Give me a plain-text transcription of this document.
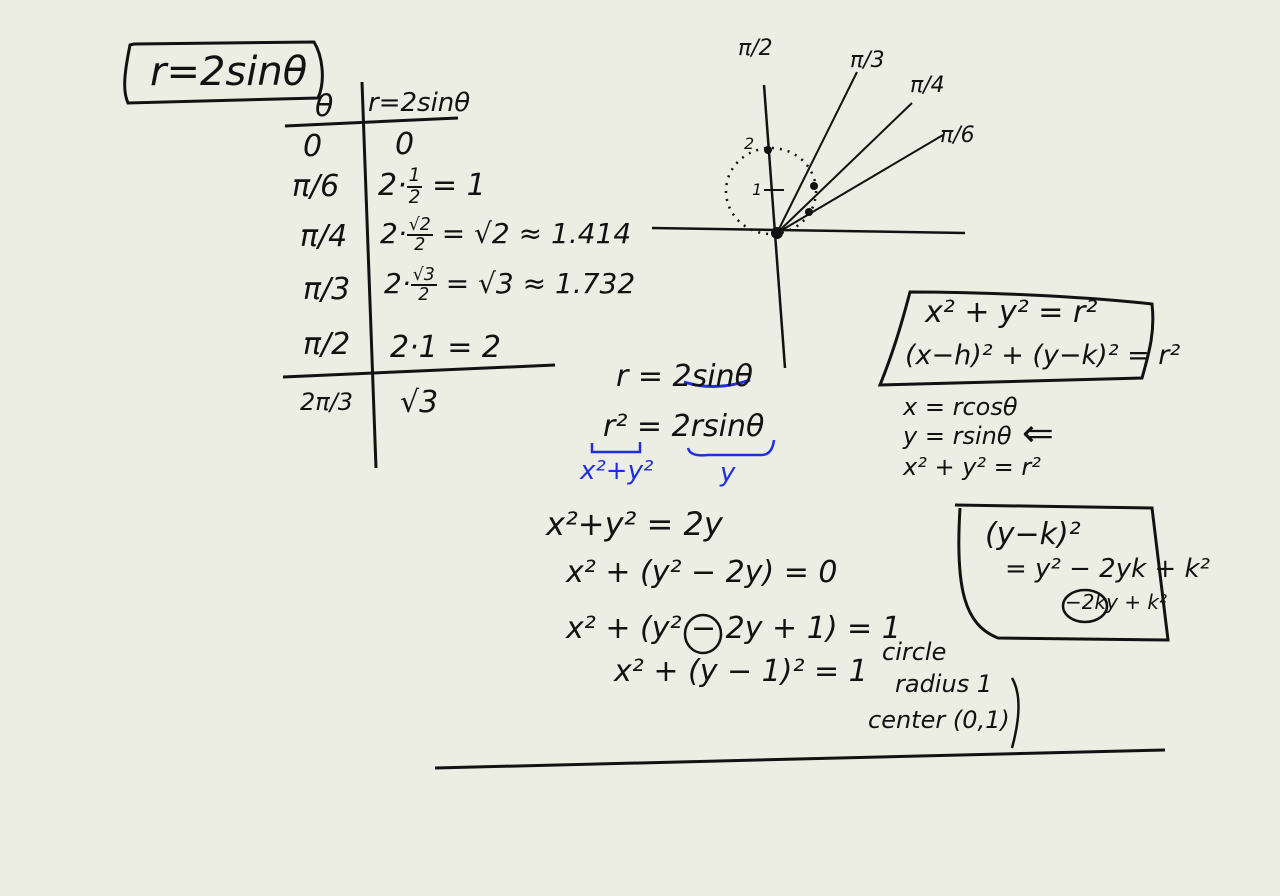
r=2sinθ
θ r=2sinθ
0 0
π/6 $2\cdot \frac{1}{2} = 1$
π/4 $2\cdot \frac{√2}{2} = √2 \approx 1.414$
π/3 $2\cdot \frac{√3}{2} = √3 \approx 1.732$
π/2 2·1 = 2
2π/3 √3
π/2	π/3
π/4
π/6
2
1
r = 2sinθ
r² = 2rsinθ
x²+y²	y
x²+y² = 2y
x² + (y² − 2y) = 0
x² + (y² − 2y + 1) = 1
x² + (y − 1)² = 1
x² + y² = r²
(x−h)² + (y−k)² = r²
x = rcosθ
y = rsinθ ⇐
x² + y² = r²
(y−k)²
= y² − 2yk + k²
−2ky + k²
circle
radius 1
center (0,1)
